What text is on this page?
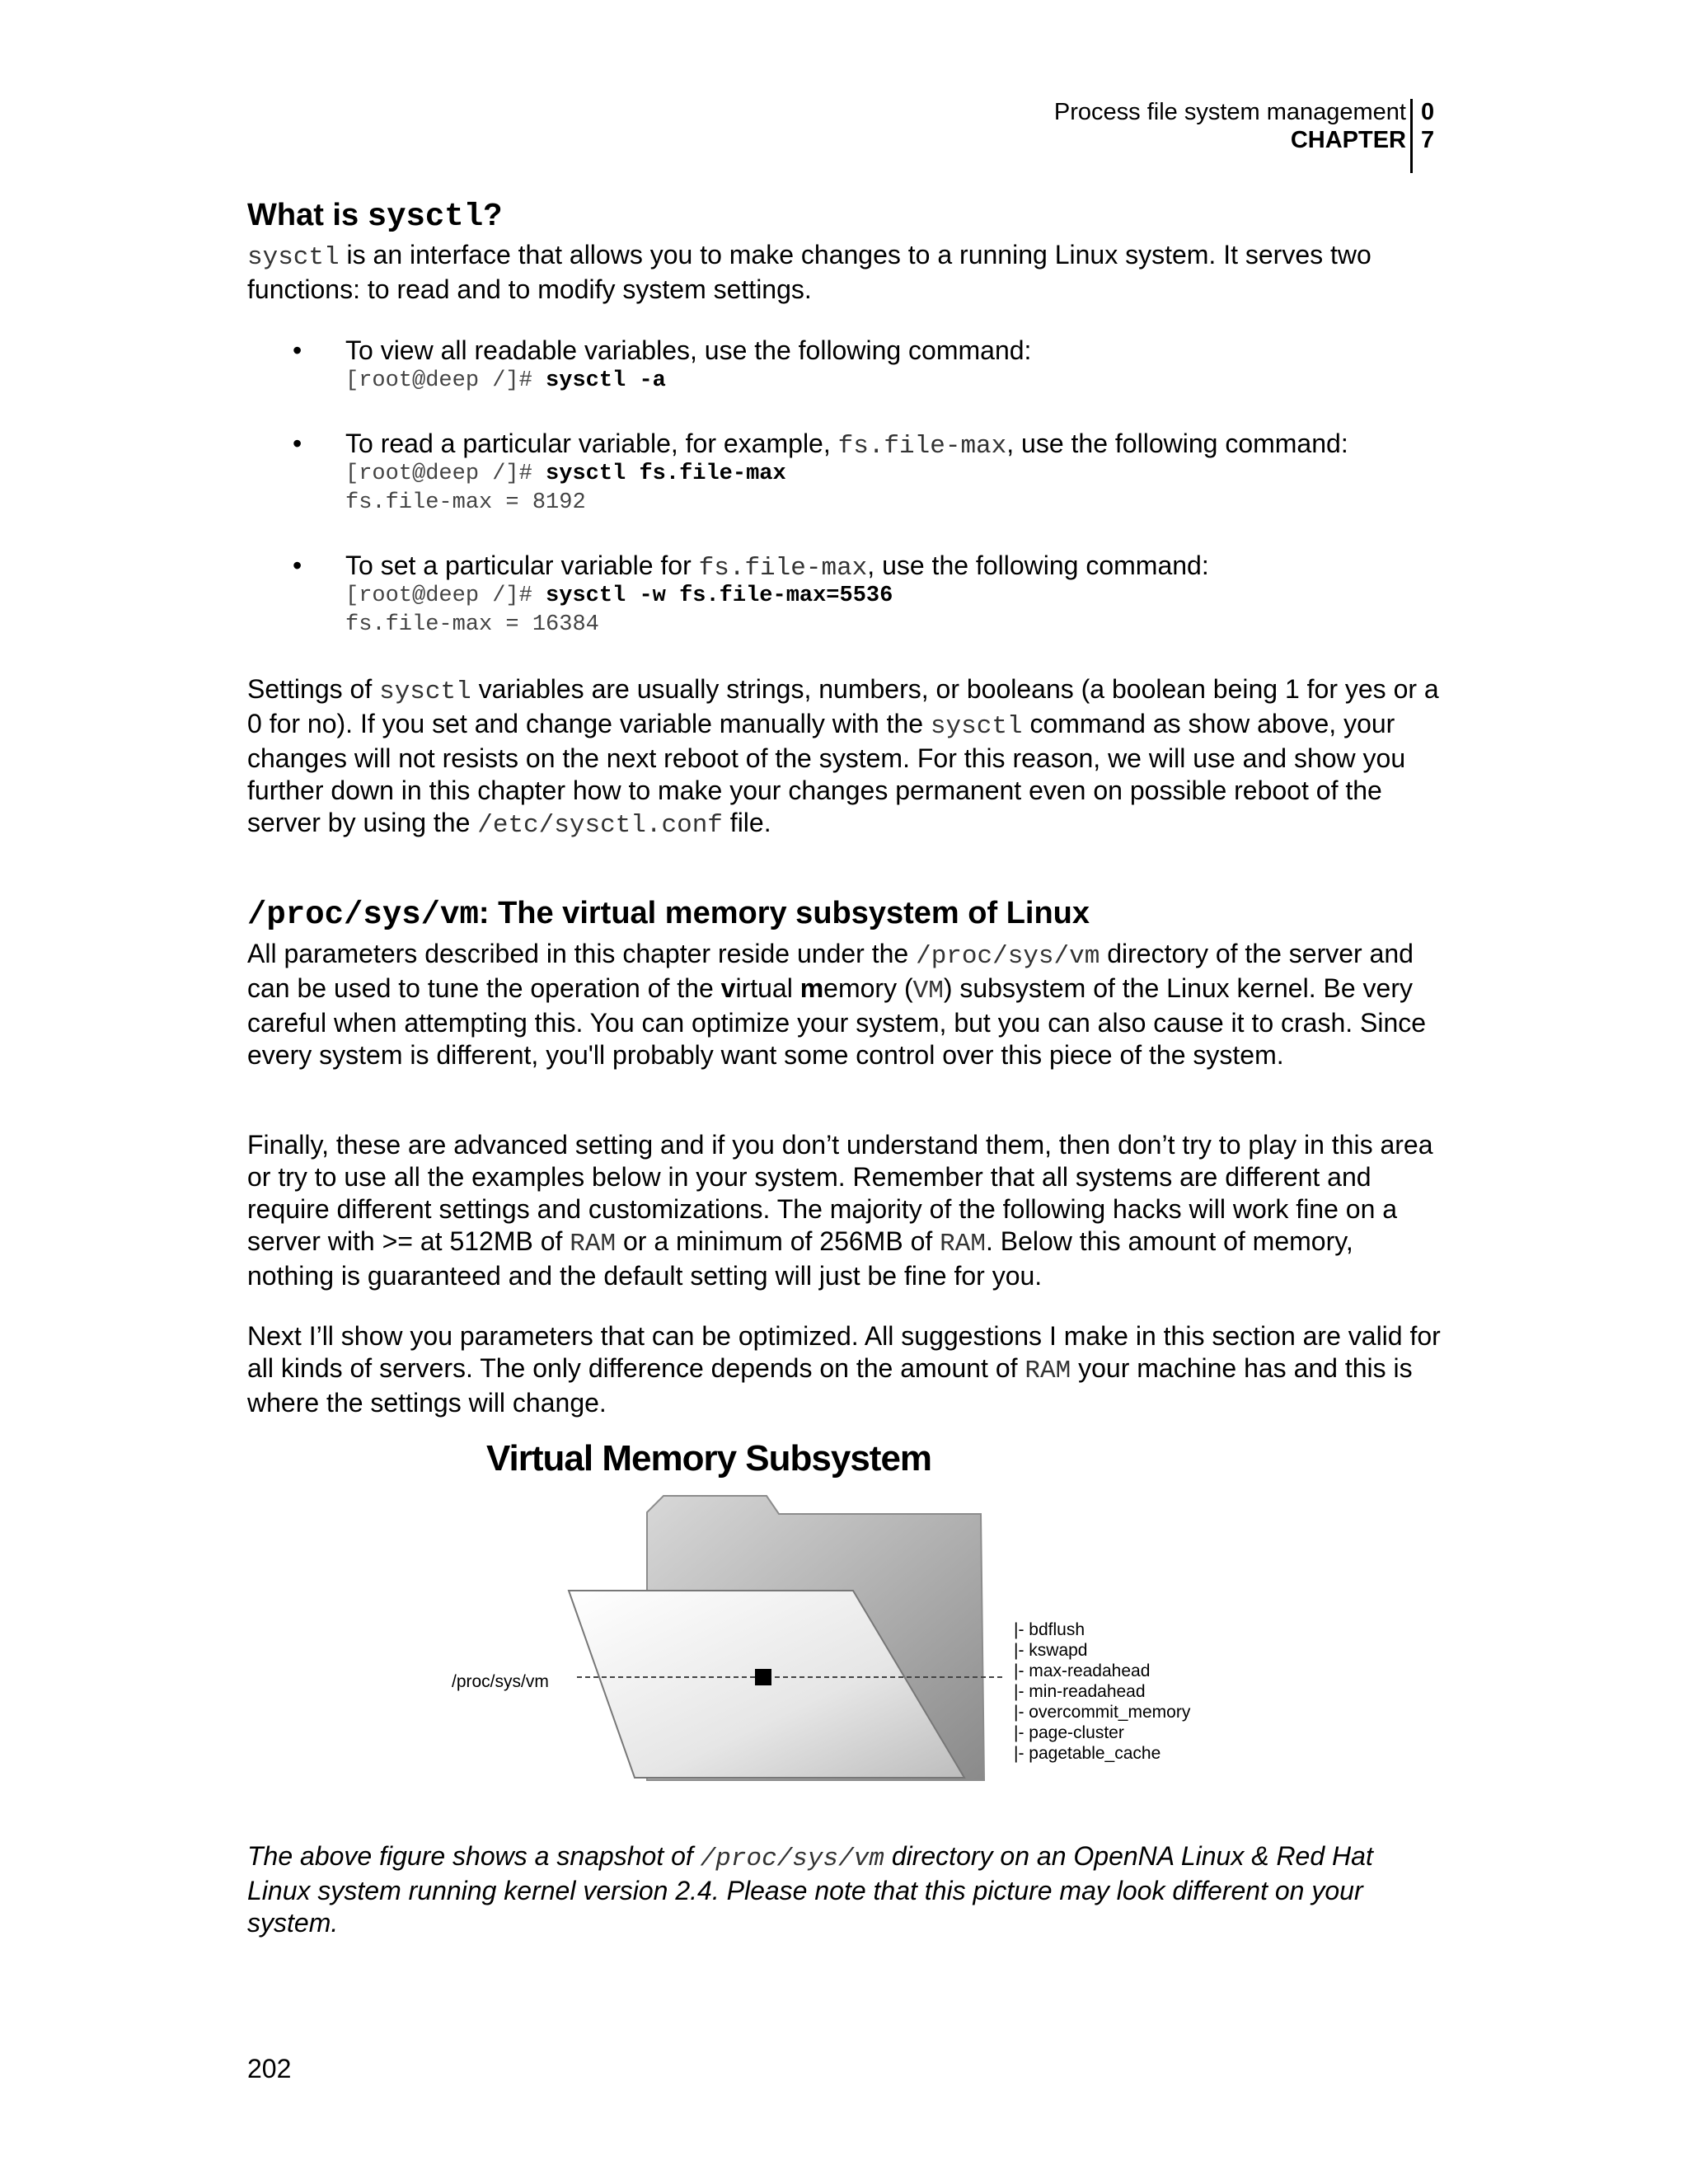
Process file system management
CHAPTER
0
7
What is sysctl?
sysctl is an interface that allows you to make changes to a running Linux system. It serves two functions: to read and to modify system settings.
• To view all readable variables, use the following command:
[root@deep /]# sysctl -a
• To read a particular variable, for example, fs.file-max, use the following command:
[root@deep /]# sysctl fs.file-max
fs.file-max = 8192
• To set a particular variable for fs.file-max, use the following command:
[root@deep /]# sysctl -w fs.file-max=5536
fs.file-max = 16384
Settings of sysctl variables are usually strings, numbers, or booleans (a boolean being 1 for yes or a 0 for no). If you set and change variable manually with the sysctl command as show above, your changes will not resists on the next reboot of the system. For this reason, we will use and show you further down in this chapter how to make your changes permanent even on possible reboot of the server by using the /etc/sysctl.conf file.
/proc/sys/vm: The virtual memory subsystem of Linux
All parameters described in this chapter reside under the /proc/sys/vm directory of the server and can be used to tune the operation of the virtual memory (VM) subsystem of the Linux kernel. Be very careful when attempting this. You can optimize your system, but you can also cause it to crash. Since every system is different, you'll probably want some control over this piece of the system.
Finally, these are advanced setting and if you don’t understand them, then don’t try to play in this area or try to use all the examples below in your system. Remember that all systems are different and require different settings and customizations. The majority of the following hacks will work fine on a server with >= at 512MB of RAM or a minimum of 256MB of RAM. Below this amount of memory, nothing is guaranteed and the default setting will just be fine for you.
Next I’ll show you parameters that can be optimized. All suggestions I make in this section are valid for all kinds of servers. The only difference depends on the amount of RAM your machine has and this is where the settings will change.
Virtual Memory Subsystem
/proc/sys/vm
|- bdflush
|- kswapd
|- max-readahead
|- min-readahead
|- overcommit_memory
|- page-cluster
|- pagetable_cache
The above figure shows a snapshot of /proc/sys/vm directory on an OpenNA Linux & Red Hat Linux system running kernel version 2.4. Please note that this picture may look different on your system.
202
